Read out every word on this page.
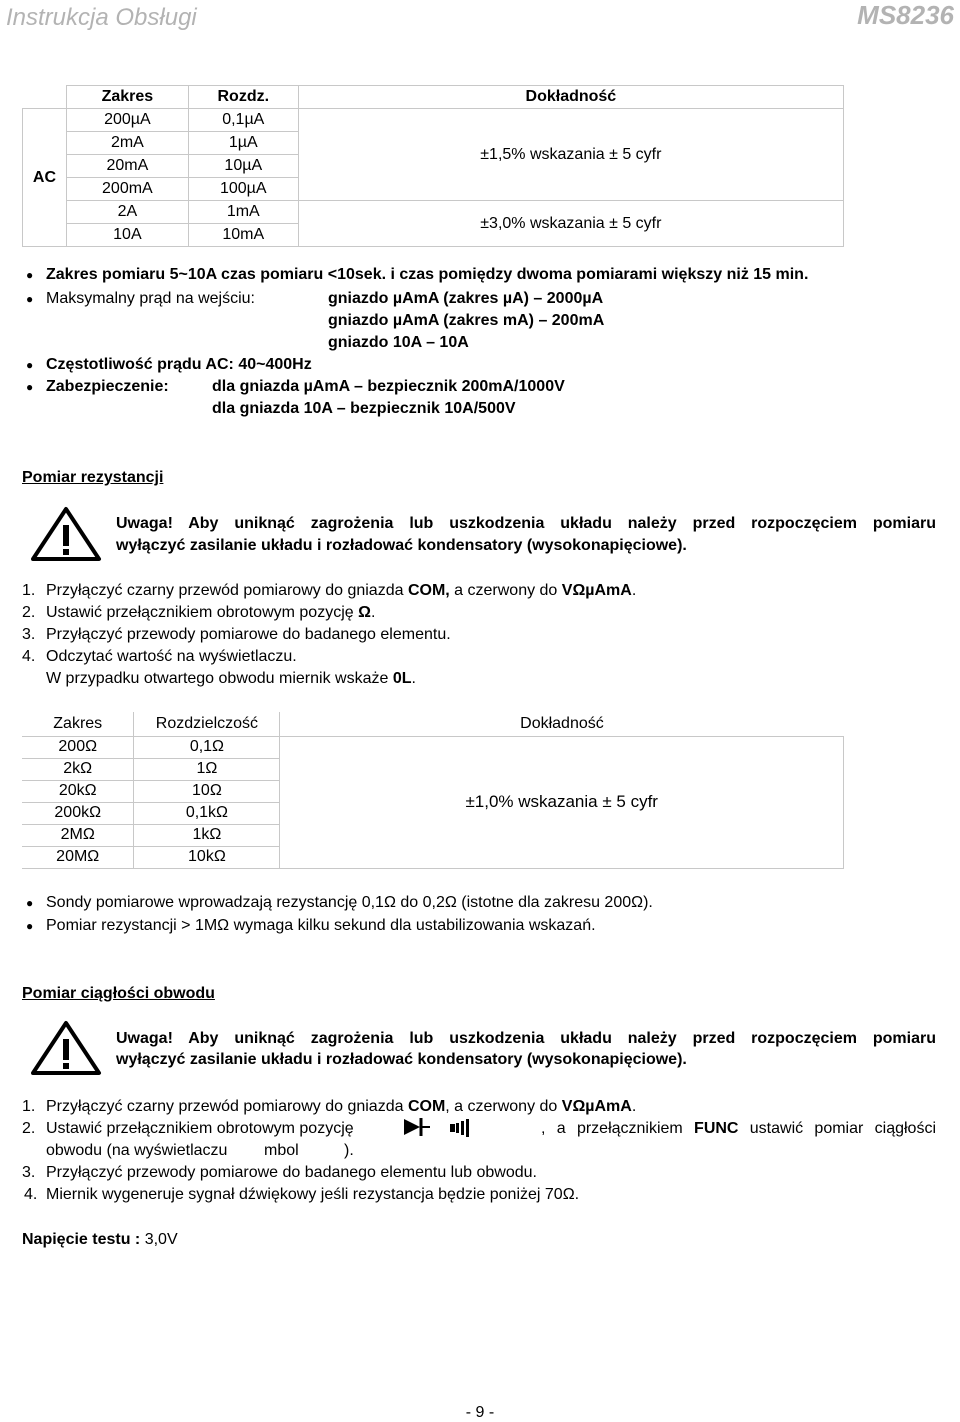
Instrukcja Obsługi	MS8236
	Zakres	Rozdz.	Dokładność
AC	200µA	0,1µA	±1,5% wskazania ± 5 cyfr
	2mA	1µA	
	20mA	10µA	
	200mA	100µA	
	2A	1mA	±3,0% wskazania ± 5 cyfr
	10A	10mA	
● Zakres pomiaru 5~10A czas pomiaru <10sek. i czas pomiędzy dwoma pomiarami większy niż 15 min.
● Maksymalny prąd na wejściu:	gniazdo µAmA (zakres µA) – 2000µA
gniazdo µAmA (zakres mA) – 200mA
gniazdo 10A – 10A
● Częstotliwość prądu AC: 40~400Hz
● Zabezpieczenie:	dla gniazda µAmA – bezpiecznik 200mA/1000V
dla gniazda 10A – bezpiecznik 10A/500V
Pomiar rezystancji
Uwaga! Aby uniknąć zagrożenia lub uszkodzenia układu należy przed rozpoczęciem pomiaru
wyłączyć zasilanie układu i rozładować kondensatory (wysokonapięciowe).
1. Przyłączyć czarny przewód pomiarowy do gniazda COM, a czerwony do VΩµAmA.
2. Ustawić przełącznikiem obrotowym pozycję Ω.
3. Przyłączyć przewody pomiarowe do badanego elementu.
4. Odczytać wartość na wyświetlaczu.
W przypadku otwartego obwodu miernik wskaże 0L.
Zakres	Rozdzielczość	Dokładność
200Ω	0,1Ω	±1,0% wskazania ± 5 cyfr
2kΩ	1Ω	
20kΩ	10Ω	
200kΩ	0,1kΩ	
2MΩ	1kΩ	
20MΩ	10kΩ	
● Sondy pomiarowe wprowadzają rezystancję 0,1Ω do 0,2Ω (istotne dla zakresu 200Ω).
● Pomiar rezystancji > 1MΩ wymaga kilku sekund dla ustabilizowania wskazań.
Pomiar ciągłości obwodu
Uwaga! Aby uniknąć zagrożenia lub uszkodzenia układu należy przed rozpoczęciem pomiaru
wyłączyć zasilanie układu i rozładować kondensatory (wysokonapięciowe).
1. Przyłączyć czarny przewód pomiarowy do gniazda COM, a czerwony do VΩµAmA.
2. Ustawić przełącznikiem obrotowym pozycję	, a przełącznikiem FUNC ustawić pomiar ciągłości
obwodu (na wyświetlaczu mbol	).
3. Przyłączyć przewody pomiarowe do badanego elementu lub obwodu.
4. Miernik wygeneruje sygnał dźwiękowy jeśli rezystancja będzie poniżej 70Ω.
Napięcie testu : 3,0V
- 9 -
